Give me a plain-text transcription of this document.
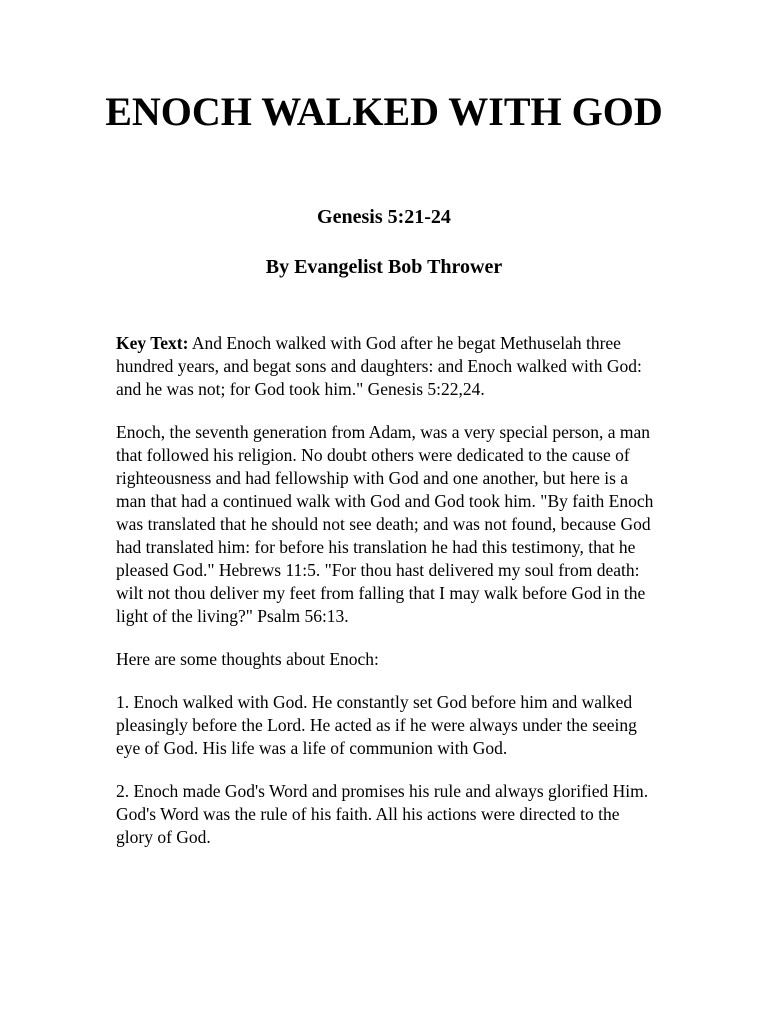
ENOCH WALKED WITH GOD
Genesis 5:21-24
By Evangelist Bob Thrower

Key Text: And Enoch walked with God after he begat Methuselah three hundred years, and begat sons and daughters: and Enoch walked with God: and he was not; for God took him." Genesis 5:22,24.

Enoch, the seventh generation from Adam, was a very special person, a man that followed his religion. No doubt others were dedicated to the cause of righteousness and had fellowship with God and one another, but here is a man that had a continued walk with God and God took him. "By faith Enoch was translated that he should not see death; and was not found, because God had translated him: for before his translation he had this testimony, that he pleased God." Hebrews 11:5. "For thou hast delivered my soul from death: wilt not thou deliver my feet from falling that I may walk before God in the light of the living?" Psalm 56:13.

Here are some thoughts about Enoch:

1. Enoch walked with God. He constantly set God before him and walked pleasingly before the Lord. He acted as if he were always under the seeing eye of God. His life was a life of communion with God.

2. Enoch made God's Word and promises his rule and always glorified Him. God's Word was the rule of his faith. All his actions were directed to the glory of God.
